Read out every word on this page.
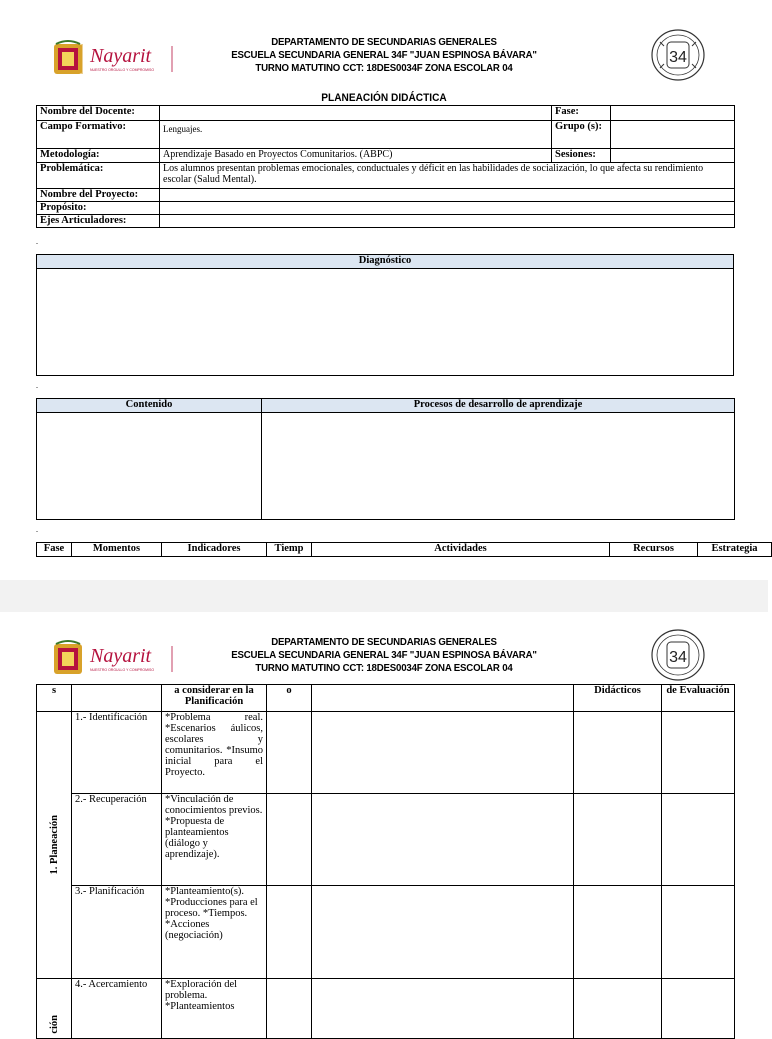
Nayarit
NUESTRO ORGULLO Y COMPROMISO
DEPARTAMENTO DE SECUNDARIAS GENERALES
ESCUELA SECUNDARIA GENERAL 34F "JUAN ESPINOSA BÁVARA"
TURNO MATUTINO CCT: 18DES0034F ZONA ESCOLAR 04
34
PLANEACIÓN DIDÁCTICA
Nombre del Docente:		Fase:	
Campo Formativo:	Lenguajes.	Grupo (s):	
Metodología:	Aprendizaje Basado en Proyectos Comunitarios. (ABPC)	Sesiones:	
Problemática:	Los alumnos presentan problemas emocionales, conductuales y déficit en las habilidades de socialización, lo que afecta su rendimiento escolar (Salud Mental).		
Nombre del Proyecto:			
Propósito:			
Ejes Articuladores:			
.
Diagnóstico

.
Contenido	Procesos de desarrollo de aprendizaje

.
Fase	Momentos	Indicadores	Tiemp	Actividades	Recursos	Estrategia
Nayarit
NUESTRO ORGULLO Y COMPROMISO
DEPARTAMENTO DE SECUNDARIAS GENERALES
ESCUELA SECUNDARIA GENERAL 34F "JUAN ESPINOSA BÁVARA"
TURNO MATUTINO CCT: 18DES0034F ZONA ESCOLAR 04
34
s		a considerar en la Planificación	o		Didácticos	de Evaluación

1. Planeación	1.- Identificación	*Problema real. *Escenarios áulicos, escolares y comunitarios. *Insumo inicial para el Proyecto.				
	2.- Recuperación	*Vinculación de conocimientos previos. *Propuesta de planteamientos (diálogo y aprendizaje).				
	3.- Planificación	*Planteamiento(s). *Producciones para el proceso. *Tiempos. *Acciones (negociación)				

ción	4.- Acercamiento	*Exploración del problema. *Planteamientos				
